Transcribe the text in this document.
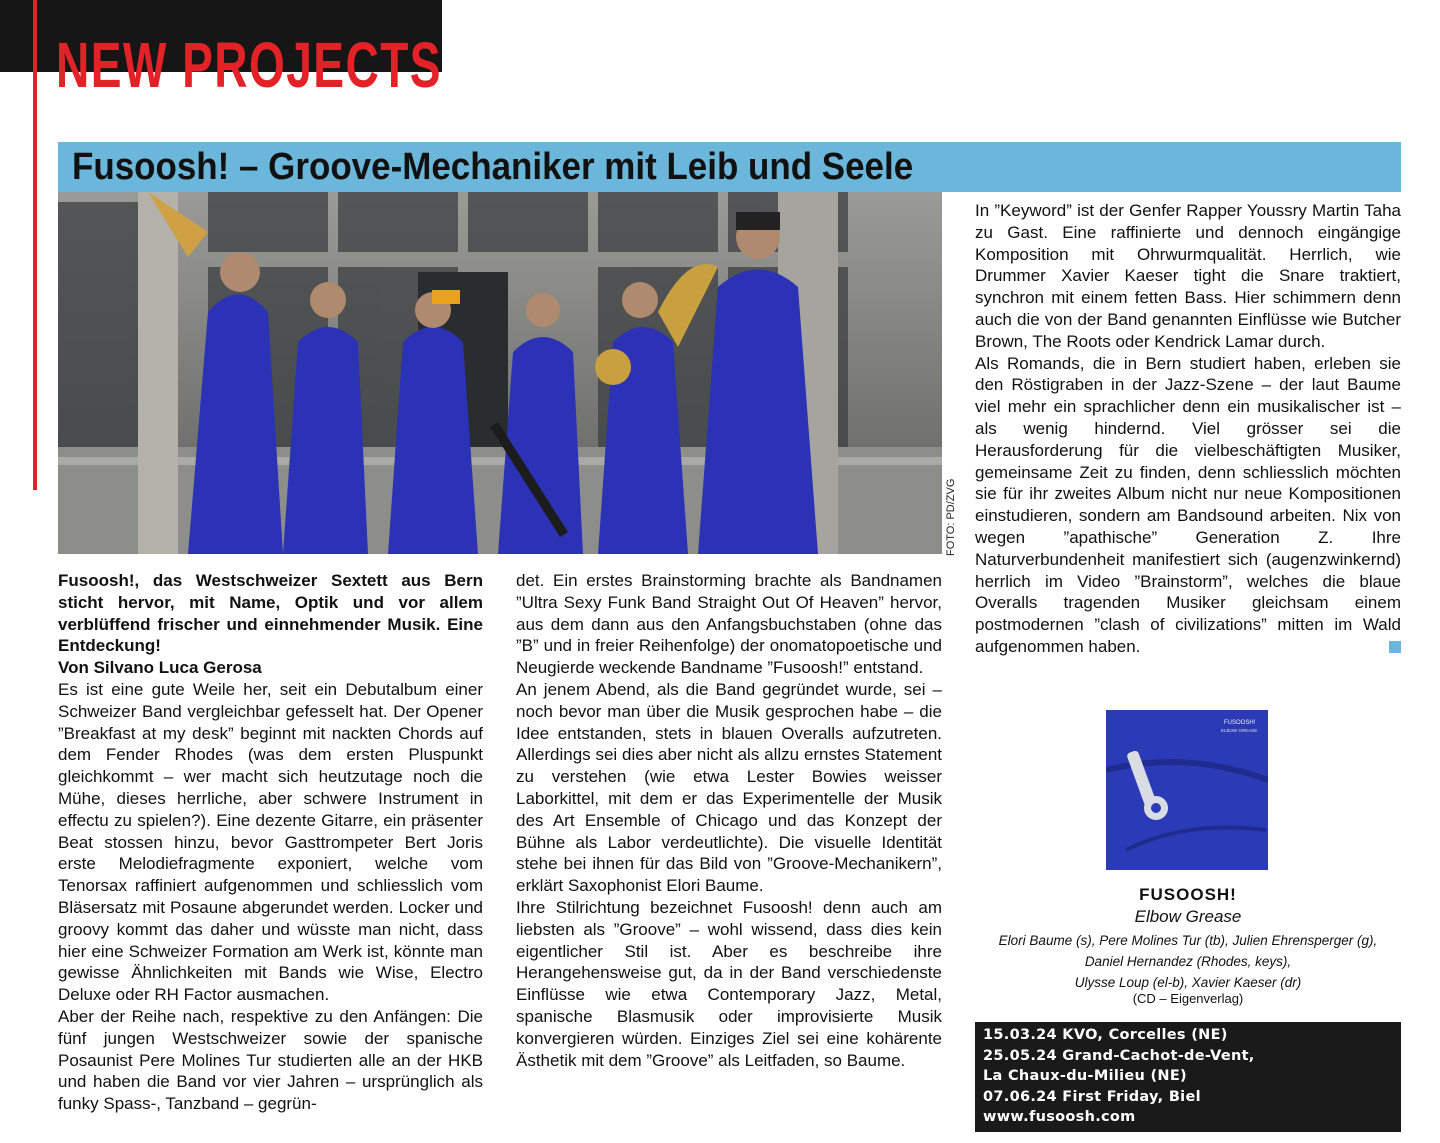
NEW PROJECTS
Fusoosh! – Groove-Mechaniker mit Leib und Seele
FOTO: PD/ZVG

Fusoosh!, das Westschweizer Sextett aus Bern sticht hervor, mit Name, Optik und vor allem verblüffend frischer und einnehmender Musik. Eine Entdeckung!

Von Silvano Luca Gerosa

Es ist eine gute Weile her, seit ein Debutalbum einer Schweizer Band vergleichbar gefesselt hat. Der Opener ”Breakfast at my desk” beginnt mit nackten Chords auf dem Fender Rhodes (was dem ersten Pluspunkt gleichkommt – wer macht sich heutzutage noch die Mühe, dieses herrliche, aber schwere Instrument in effectu zu spielen?). Eine dezente Gitarre, ein präsenter Beat stossen hinzu, bevor Gasttrompeter Bert Joris erste Melodiefragmente exponiert, welche vom Tenorsax raffiniert aufgenommen und schliesslich vom Bläsersatz mit Posaune abgerundet werden. Locker und groovy kommt das daher und wüsste man nicht, dass hier eine Schweizer Formation am Werk ist, könnte man gewisse Ähnlichkeiten mit Bands wie Wise, Electro Deluxe oder RH Factor ausmachen.

Aber der Reihe nach, respektive zu den Anfängen: Die fünf jungen Westschweizer sowie der spanische Posaunist Pere Molines Tur studierten alle an der HKB und haben die Band vor vier Jahren – ursprünglich als funky Spass-, Tanzband – gegrün-

det. Ein erstes Brainstorming brachte als Bandnamen ”Ultra Sexy Funk Band Straight Out Of Heaven” hervor, aus dem dann aus den Anfangsbuchstaben (ohne das ”B” und in freier Reihenfolge) der onomatopoetische und Neugierde weckende Bandname ”Fusoosh!” entstand.

An jenem Abend, als die Band gegründet wurde, sei – noch bevor man über die Musik gesprochen habe – die Idee entstanden, stets in blauen Overalls aufzutreten. Allerdings sei dies aber nicht als allzu ernstes Statement zu verstehen (wie etwa Lester Bowies weisser Laborkittel, mit dem er das Experimentelle der Musik des Art Ensemble of Chicago und das Konzept der Bühne als Labor verdeutlichte). Die visuelle Identität stehe bei ihnen für das Bild von ”Groove-Mechanikern”, erklärt Saxophonist Elori Baume.

Ihre Stilrichtung bezeichnet Fusoosh! denn auch am liebsten als ”Groove” – wohl wissend, dass dies kein eigentlicher Stil ist. Aber es beschreibe ihre Herangehensweise gut, da in der Band verschiedenste Einflüsse wie etwa Contemporary Jazz, Metal, spanische Blasmusik oder improvisierte Musik konvergieren würden. Einziges Ziel sei eine kohärente Ästhetik mit dem ”Groove” als Leitfaden, so Baume.

In ”Keyword” ist der Genfer Rapper Youssry Martin Taha zu Gast. Eine raffinierte und dennoch eingängige Komposition mit Ohrwurmqualität. Herrlich, wie Drummer Xavier Kaeser tight die Snare traktiert, synchron mit einem fetten Bass. Hier schimmern denn auch die von der Band genannten Einflüsse wie Butcher Brown, The Roots oder Kendrick Lamar durch.

Als Romands, die in Bern studiert haben, erleben sie den Röstigraben in der Jazz-Szene – der laut Baume viel mehr ein sprachlicher denn ein musikalischer ist – als wenig hindernd. Viel grösser sei die Herausforderung für die vielbeschäftigten Musiker, gemeinsame Zeit zu finden, denn schliesslich möchten sie für ihr zweites Album nicht nur neue Kompositionen einstudieren, sondern am Bandsound arbeiten. Nix von wegen ”apathische” Generation Z. Ihre Naturverbundenheit manifestiert sich (augenzwinkernd) herrlich im Video ”Brainstorm”, welches die blaue Overalls tragenden Musiker gleichsam einem postmodernen ”clash of civilizations” mitten im Wald aufgenommen haben.

FUSOOSH!
ELBOW GREASE
FUSOOSH!
Elbow Grease
Elori Baume (s), Pere Molines Tur (tb), Julien Ehrensperger (g),
Daniel Hernandez (Rhodes, keys),
Ulysse Loup (el-b), Xavier Kaeser (dr)
(CD – Eigenverlag)
15.03.24 KVO, Corcelles (NE)
25.05.24 Grand-Cachot-de-Vent,
La Chaux-du-Milieu (NE)
07.06.24 First Friday, Biel
www.fusoosh.com
